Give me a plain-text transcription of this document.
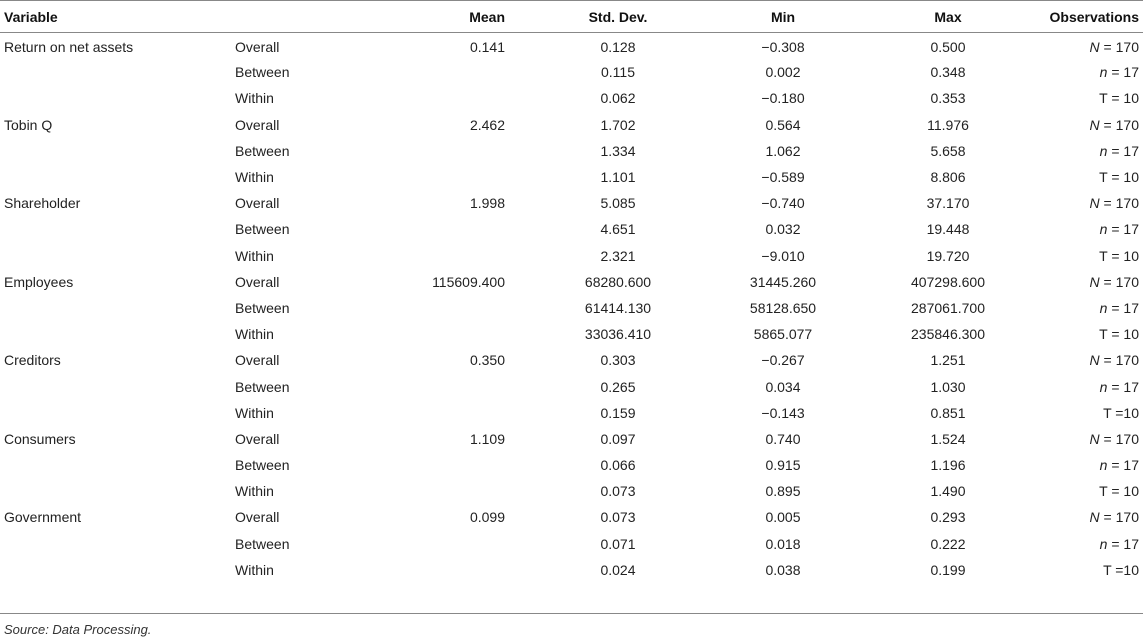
Variable		Mean	Std. Dev.	Min	Max	Observations
Return on net assets	Overall	0.141	0.128	−0.308	0.500	N = 170
	Between		0.115	0.002	0.348	n = 17
	Within		0.062	−0.180	0.353	T = 10
Tobin Q	Overall	2.462	1.702	0.564	11.976	N = 170
	Between		1.334	1.062	5.658	n = 17
	Within		1.101	−0.589	8.806	T = 10
Shareholder	Overall	1.998	5.085	−0.740	37.170	N = 170
	Between		4.651	0.032	19.448	n = 17
	Within		2.321	−9.010	19.720	T = 10
Employees	Overall	115609.400	68280.600	31445.260	407298.600	N = 170
	Between		61414.130	58128.650	287061.700	n = 17
	Within		33036.410	5865.077	235846.300	T = 10
Creditors	Overall	0.350	0.303	−0.267	1.251	N = 170
	Between		0.265	0.034	1.030	n = 17
	Within		0.159	−0.143	0.851	T =10
Consumers	Overall	1.109	0.097	0.740	1.524	N = 170
	Between		0.066	0.915	1.196	n = 17
	Within		0.073	0.895	1.490	T = 10
Government	Overall	0.099	0.073	0.005	0.293	N = 170
	Between		0.071	0.018	0.222	n = 17
	Within		0.024	0.038	0.199	T =10
Source: Data Processing.
